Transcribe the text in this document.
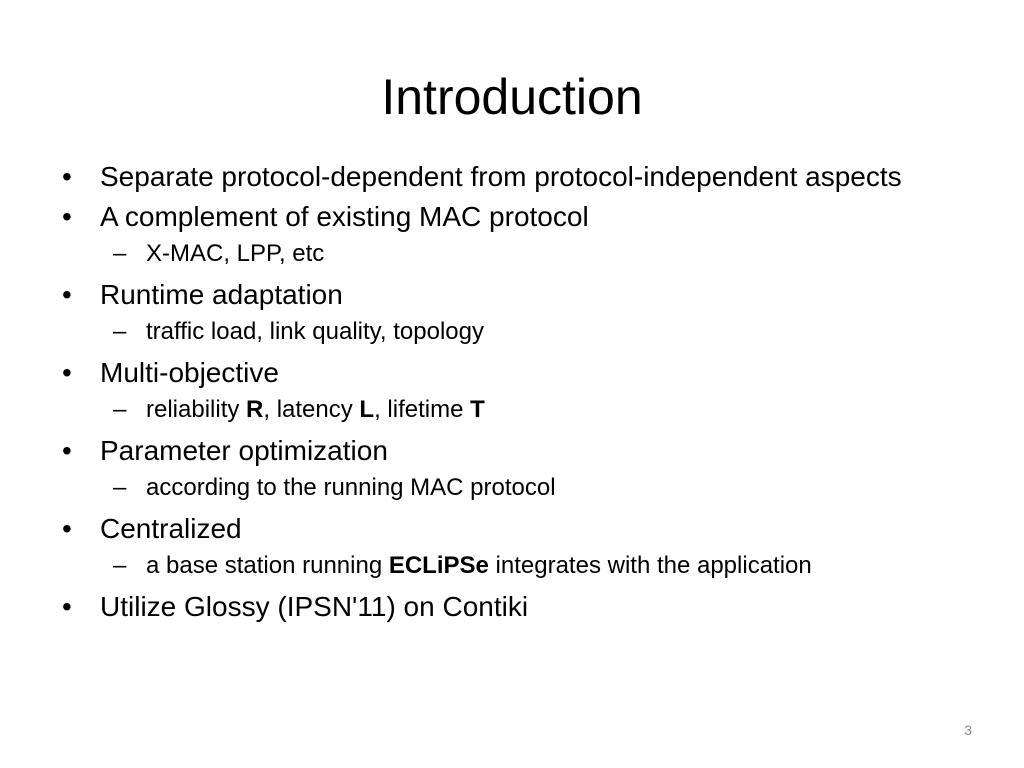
Introduction
•	Separate protocol-dependent from protocol-independent aspects
•	A complement of existing MAC protocol
– X-MAC, LPP, etc
•	Runtime adaptation
– traffic load, link quality, topology
•	Multi-objective
– reliability R, latency L, lifetime T
•	Parameter optimization
– according to the running MAC protocol
•	Centralized
– a base station running ECLiPSe integrates with the application
•	Utilize Glossy (IPSN'11) on Contiki
3
